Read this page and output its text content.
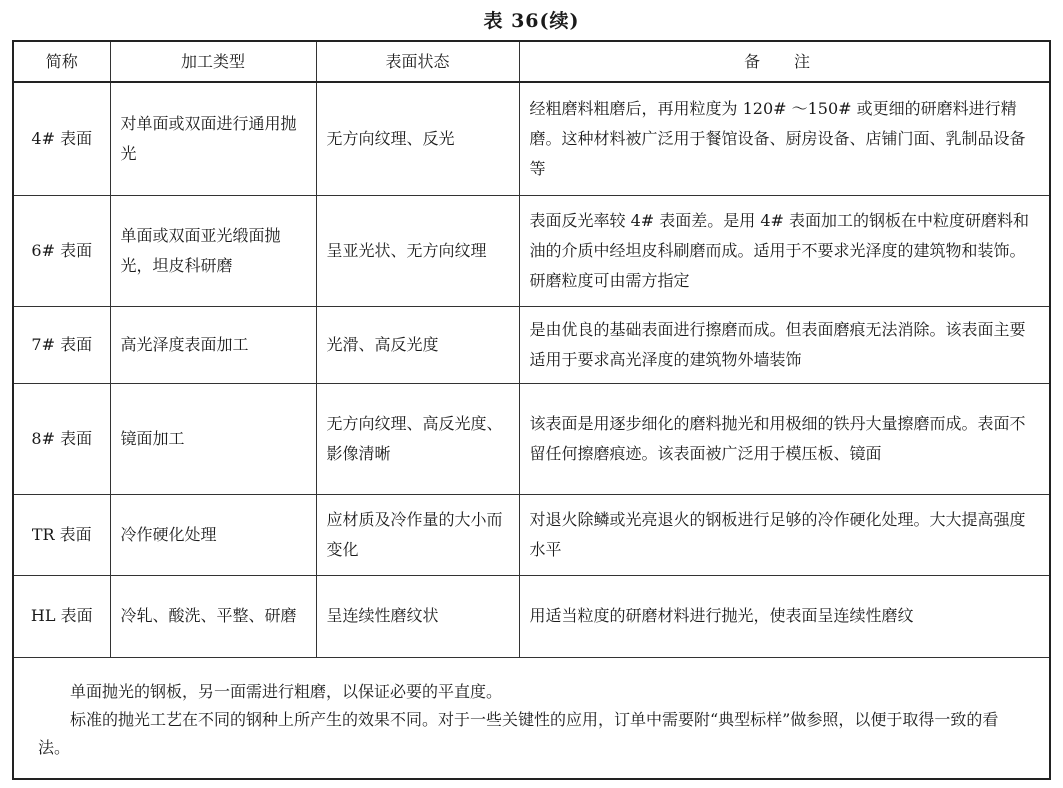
表 36(续)
简称	加工类型	表面状态	备 注
4# 表面	对单面或双面进行通用抛光	无方向纹理、反光	经粗磨料粗磨后，再用粒度为 120# ～150# 或更细的研磨料进行精磨。这种材料被广泛用于餐馆设备、厨房设备、店铺门面、乳制品设备等
6# 表面	单面或双面亚光缎面抛光，坦皮科研磨	呈亚光状、无方向纹理	表面反光率较 4# 表面差。是用 4# 表面加工的钢板在中粒度研磨料和油的介质中经坦皮科刷磨而成。适用于不要求光泽度的建筑物和装饰。研磨粒度可由需方指定
7# 表面	高光泽度表面加工	光滑、高反光度	是由优良的基础表面进行擦磨而成。但表面磨痕无法消除。该表面主要适用于要求高光泽度的建筑物外墙装饰
8# 表面	镜面加工	无方向纹理、高反光度、影像清晰	该表面是用逐步细化的磨料抛光和用极细的铁丹大量擦磨而成。表面不留任何擦磨痕迹。该表面被广泛用于模压板、镜面
TR 表面	冷作硬化处理	应材质及冷作量的大小而变化	对退火除鳞或光亮退火的钢板进行足够的冷作硬化处理。大大提高强度水平
HL 表面	冷轧、酸洗、平整、研磨	呈连续性磨纹状	用适当粒度的研磨材料进行抛光，使表面呈连续性磨纹

单面抛光的钢板，另一面需进行粗磨，以保证必要的平直度。

标准的抛光工艺在不同的钢种上所产生的效果不同。对于一些关键性的应用，订单中需要附“典型标样”做参照，以便于取得一致的看法。			
